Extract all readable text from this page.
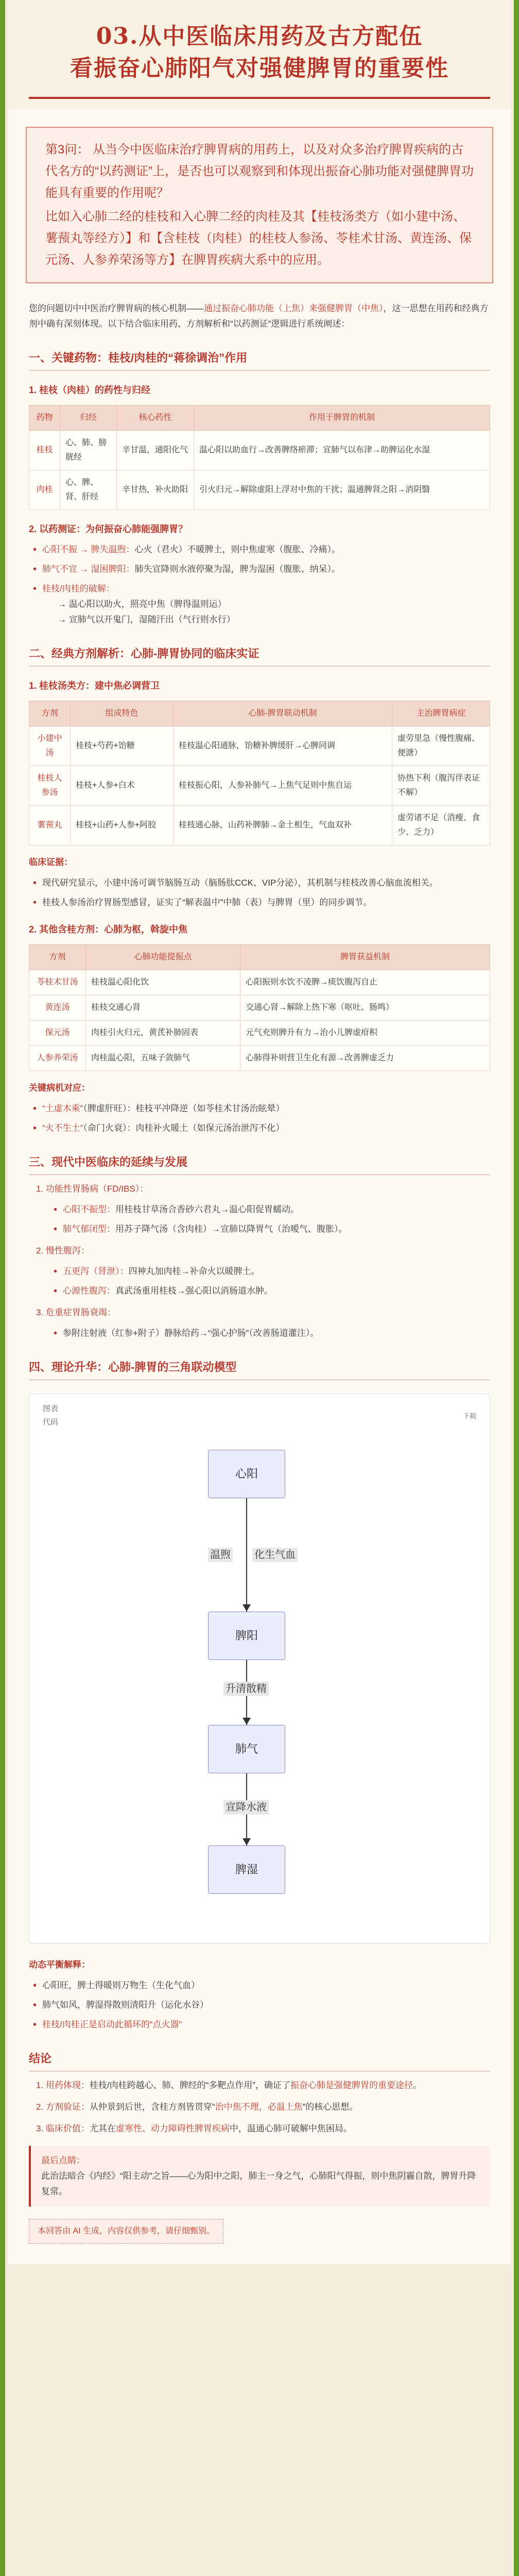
03.从中医临床用药及古方配伍
看振奋心肺阳气对强健脾胃的重要性

第3问： 从当今中医临床治疗脾胃病的用药上，以及对众多治疗脾胃疾病的古代名方的“以药测证”上，是否也可以观察到和体现出振奋心肺功能对强健脾胃功能具有重要的作用呢？

比如入心肺二经的桂枝和入心脾二经的肉桂及其【桂枝汤类方（如小建中汤、薯蓣丸等经方）】和【含桂枝（肉桂）的桂枝人参汤、苓桂术甘汤、黄连汤、保元汤、人参养荣汤等方】在脾胃疾病大系中的应用。

您的问题切中中医治疗脾胃病的核心机制——通过振奋心肺功能（上焦）来强健脾胃（中焦），这一思想在用药和经典方剂中确有深刻体现。以下结合临床用药、方剂解析和“以药测证”逻辑进行系统阐述：

一、关键药物：桂枝/肉桂的“蒋徐调治”作用
1. 桂枝（肉桂）的药性与归经
药物	归经	核心药性	作用于脾胃的机制
桂枝	心、肺、膀胱经	辛甘温，通阳化气	温心阳以助血行→改善脾络瘀滞；宣肺气以布津→助脾运化水湿
肉桂	心、脾、肾、肝经	辛甘热，补火助阳	引火归元→解除虚阳上浮对中焦的干扰；温通脾肾之阳→消阴翳
2. 以药测证：为何振奋心肺能强脾胃？
• 心阳不振 → 脾失温煦：心火（君火）不暖脾土，则中焦虚寒（腹胀、冷痛）。
• 肺气不宣 → 湿困脾阳：肺失宣降则水液停聚为湿，脾为湿困（腹胀、纳呆）。
• 桂枝/肉桂的破解：
→ 温心阳以助火，照亮中焦（脾得温则运）
→ 宣肺气以开鬼门，湿随汗出（气行则水行）
二、经典方剂解析：心肺-脾胃协同的临床实证
1. 桂枝汤类方：建中焦必调营卫
方剂	组成特色	心肺-脾胃联动机制	主治脾胃病症
小建中汤	桂枝+芍药+饴糖	桂枝温心阳通脉，饴糖补脾缓肝→心脾同调	虚劳里急（慢性腹痛、便溏）
桂枝人参汤	桂枝+人参+白术	桂枝振心阳，人参补肺气→上焦气足则中焦自运	协热下利（腹泻伴表证不解）
薯蓣丸	桂枝+山药+人参+阿胶	桂枝通心脉，山药补脾肺→金土相生，气血双补	虚劳诸不足（消瘦、食少、乏力）
临床证据：
• 现代研究显示，小建中汤可调节脑肠互动（脑肠肽CCK、VIP分泌），其机制与桂枝改善心脑血流相关。
• 桂枝人参汤治疗胃肠型感冒，证实了“解表温中”中肺（表）与脾胃（里）的同步调节。
2. 其他含桂方剂：心肺为枢，斡旋中焦
方剂	心肺功能提振点	脾胃获益机制
苓桂术甘汤	桂枝温心阳化饮	心阳振则水饮不凌脾→痰饮腹泻自止
黄连汤	桂枝交通心肾	交通心肾→解除上热下寒（呕吐、肠鸣）
保元汤	肉桂引火归元，黄芪补肺固表	元气充则脾升有力→治小儿脾虚疳积
人参养荣汤	肉桂温心阳，五味子敛肺气	心肺得补则营卫生化有源→改善脾虚乏力
关键病机对应：
• “土虚木乘”（脾虚肝旺）：桂枝平冲降逆（如苓桂术甘汤治眩晕）
• “火不生土”（命门火衰）：肉桂补火暖土（如保元汤治泄泻不化）
三、现代中医临床的延续与发展
1. 功能性胃肠病（FD/IBS）：
• 心阳不振型：用桂枝甘草汤合香砂六君丸→温心阳促胃蠕动。
• 肺气郁闭型：用苏子降气汤（含肉桂）→宣肺以降胃气（治嗳气、腹胀）。
2. 慢性腹泻：
• 五更泻（肾泄）：四神丸加肉桂→补命火以暖脾土。
• 心源性腹泻：真武汤重用桂枝→强心阳以消肠道水肿。
3. 危重症胃肠衰竭：
• 参附注射液（红参+附子）静脉给药→“强心护肠”（改善肠道灌注）。
四、理论升华：心肺-脾胃的三角联动模型
图表
代码
下载
心阳
温煦 化生气血
脾阳
升清散精
肺气
宣降水液
脾湿
动态平衡解释：
• 心阳旺，脾土得暖则万物生（生化气血）
• 肺气如风，脾湿得散则清阳升（运化水谷）
• 桂枝/肉桂正是启动此循环的“点火器”
结论
1. 用药体现：桂枝/肉桂跨越心、肺、脾经的“多靶点作用”，确证了振奋心肺是强健脾胃的重要途径。
2. 方剂验证：从仲景到后世，含桂方剂皆贯穿“治中焦不理，必温上焦”的核心思想。
3. 临床价值：尤其在虚寒性、动力障碍性脾胃疾病中，温通心肺可破解中焦困局。
最后点睛：
此治法暗合《内经》“阳主动”之旨——心为阳中之阳，肺主一身之气，心肺阳气得振，则中焦阴霾自散，脾胃升降复常。
本回答由 AI 生成，内容仅供参考，请仔细甄别。
